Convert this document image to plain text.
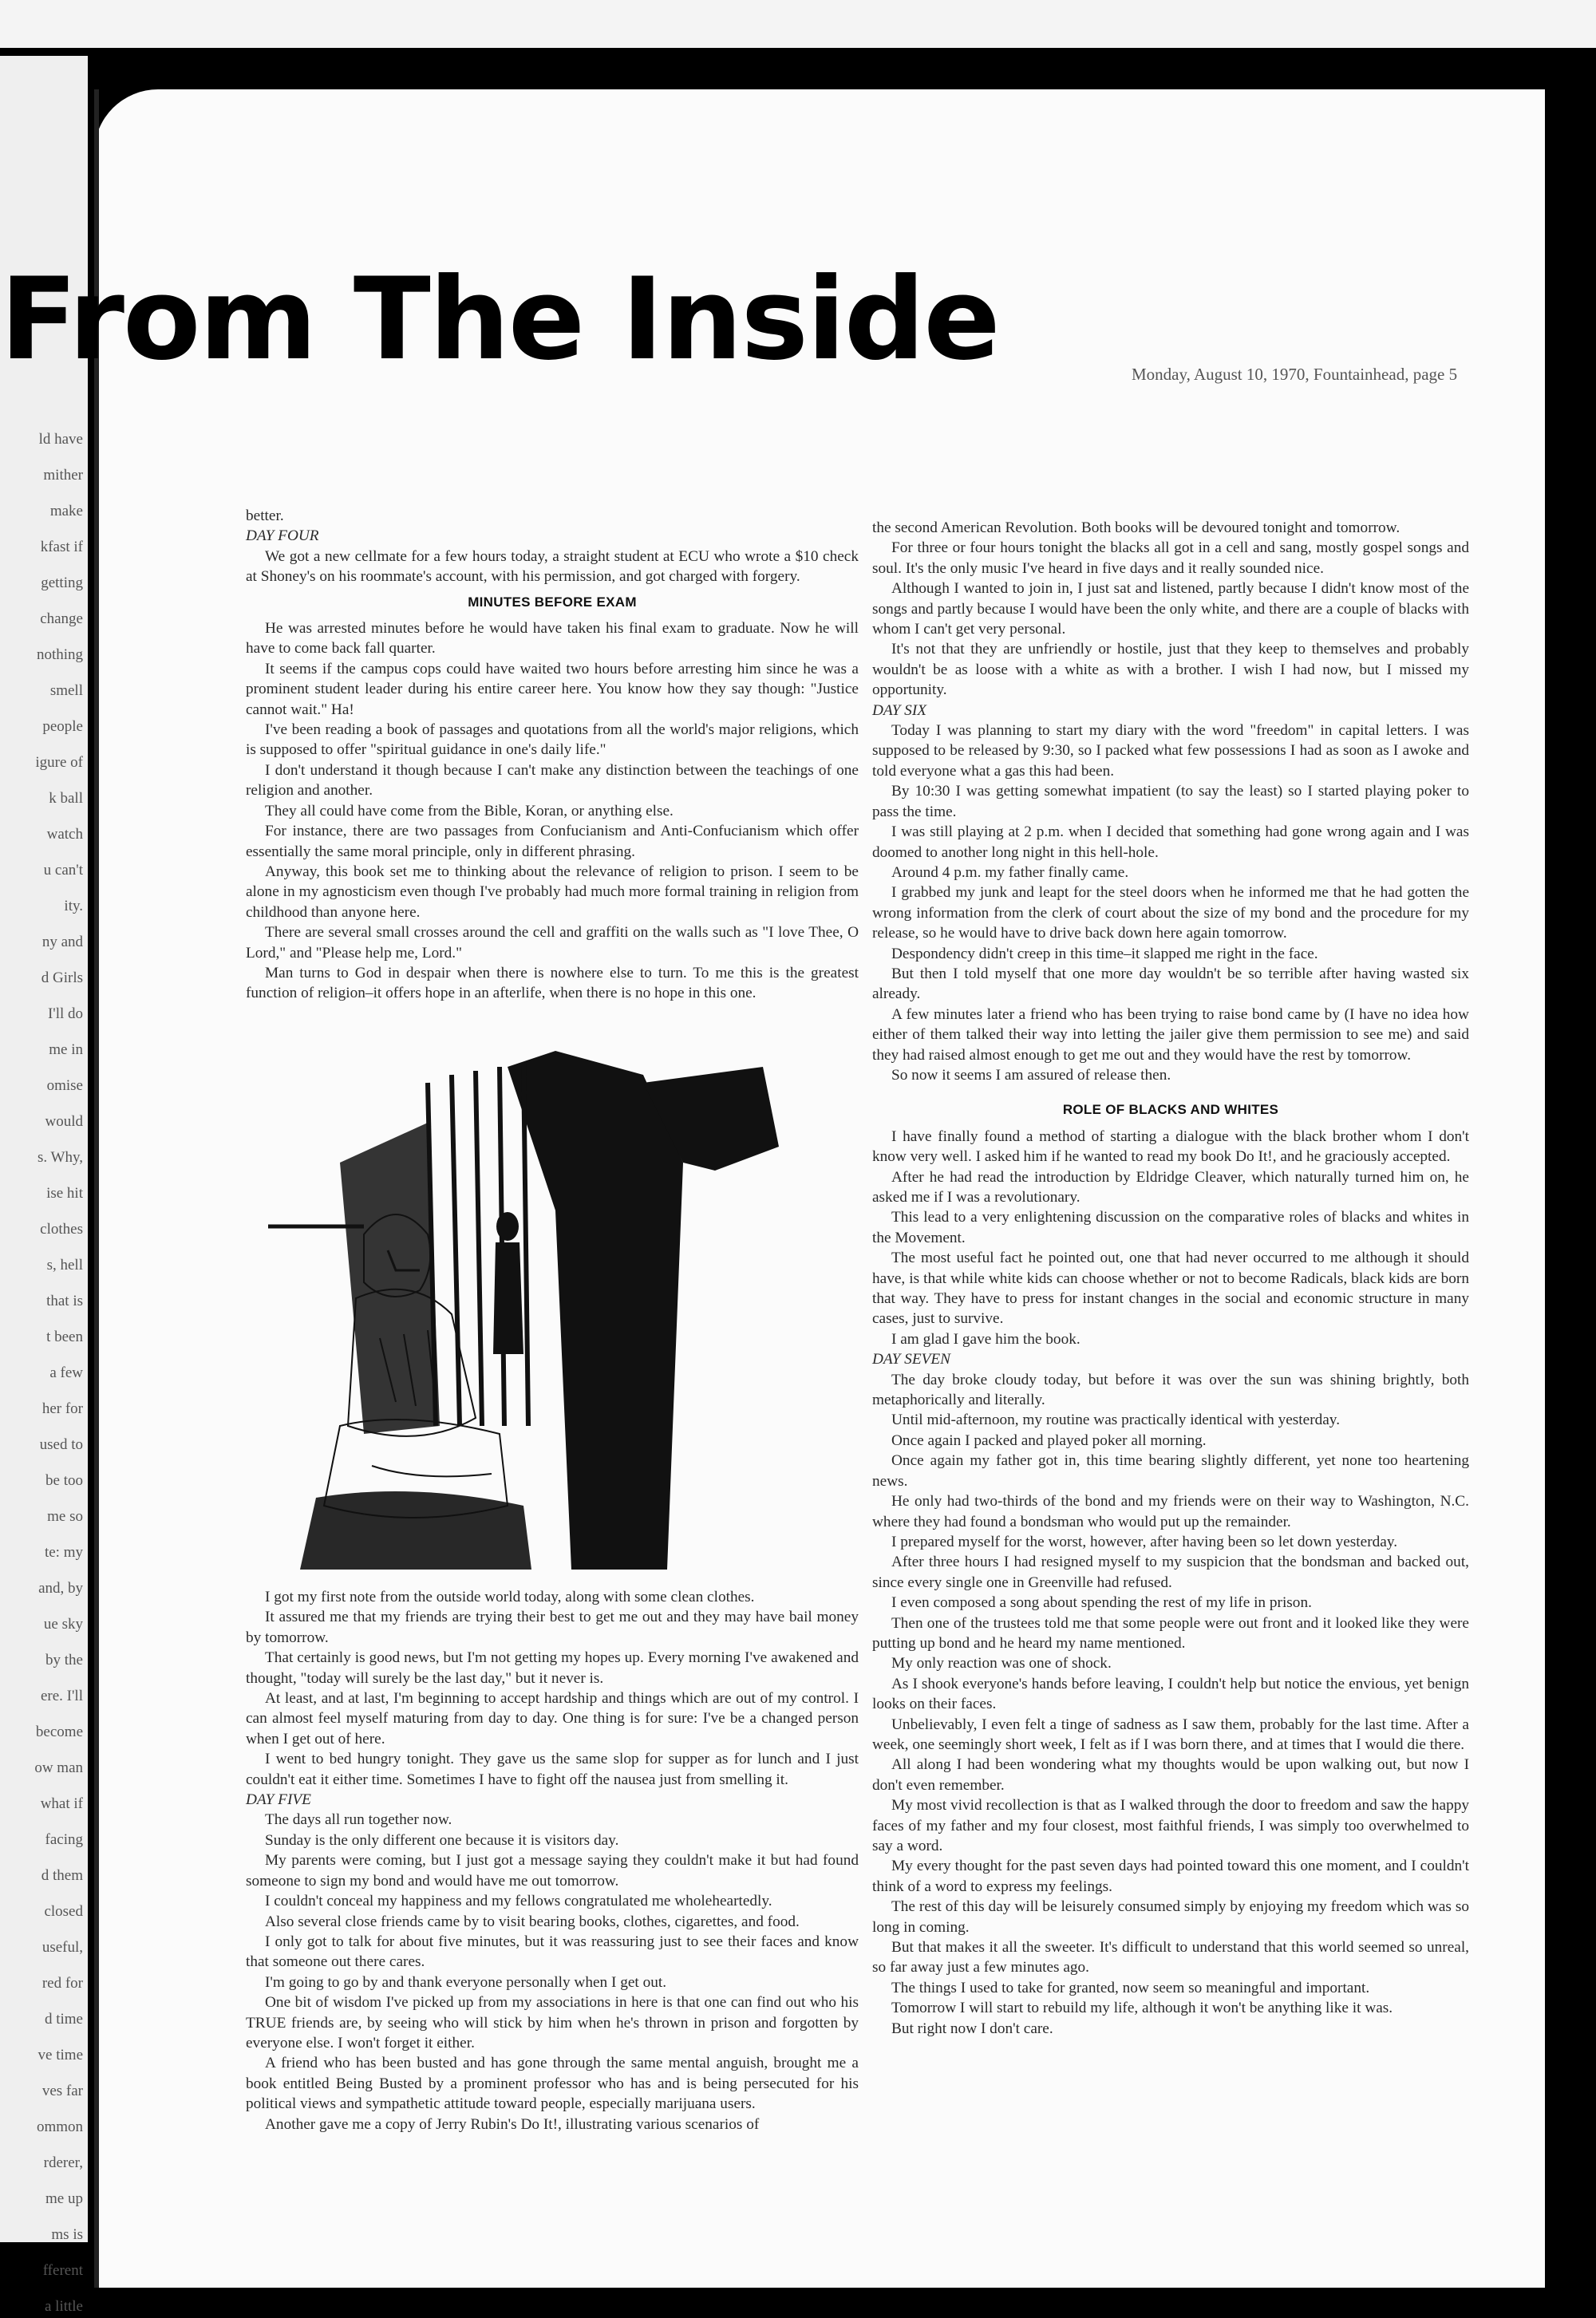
ld have
mither
make
kfast if
getting
change
nothing
smell
people
igure of
k ball
watch
u can't
ity.
ny and
d Girls
I'll do
me in
omise
would
s. Why,
ise hit
clothes
s, hell
that is
t been
a few
her for
used to
be too
me so
te: my
and, by
ue sky
by the
ere. I'll
become
ow man
what if
facing
d them
closed
useful,
red for
d time
ve time
ves far
ommon
rderer,
me up
ms is
fferent
a little
Monday, August 10, 1970, Fountainhead, page 5

better.

DAY FOUR

We got a new cellmate for a few hours today, a straight student at ECU who wrote a $10 check at Shoney's on his roommate's account, with his permission, and got charged with forgery.

MINUTES BEFORE EXAM

He was arrested minutes before he would have taken his final exam to graduate. Now he will have to come back fall quarter.

It seems if the campus cops could have waited two hours before arresting him since he was a prominent student leader during his entire career here. You know how they say though: "Justice cannot wait." Ha!

I've been reading a book of passages and quotations from all the world's major religions, which is supposed to offer "spiritual guidance in one's daily life."

I don't understand it though because I can't make any distinction between the teachings of one religion and another.

They all could have come from the Bible, Koran, or anything else.

For instance, there are two passages from Confucianism and Anti-Confucianism which offer essentially the same moral principle, only in different phrasing.

Anyway, this book set me to thinking about the relevance of religion to prison. I seem to be alone in my agnosticism even though I've probably had much more formal training in religion from childhood than anyone here.

There are several small crosses around the cell and graffiti on the walls such as "I love Thee, O Lord," and "Please help me, Lord."

Man turns to God in despair when there is nowhere else to turn. To me this is the greatest function of religion–it offers hope in an afterlife, when there is no hope in this one.

I got my first note from the outside world today, along with some clean clothes.

It assured me that my friends are trying their best to get me out and they may have bail money by tomorrow.

That certainly is good news, but I'm not getting my hopes up. Every morning I've awakened and thought, "today will surely be the last day," but it never is.

At least, and at last, I'm beginning to accept hardship and things which are out of my control. I can almost feel myself maturing from day to day. One thing is for sure: I've be a changed person when I get out of here.

I went to bed hungry tonight. They gave us the same slop for supper as for lunch and I just couldn't eat it either time. Sometimes I have to fight off the nausea just from smelling it.

DAY FIVE

The days all run together now.

Sunday is the only different one because it is visitors day.

My parents were coming, but I just got a message saying they couldn't make it but had found someone to sign my bond and would have me out tomorrow.

I couldn't conceal my happiness and my fellows congratulated me wholeheartedly.

Also several close friends came by to visit bearing books, clothes, cigarettes, and food.

I only got to talk for about five minutes, but it was reassuring just to see their faces and know that someone out there cares.

I'm going to go by and thank everyone personally when I get out.

One bit of wisdom I've picked up from my associations in here is that one can find out who his TRUE friends are, by seeing who will stick by him when he's thrown in prison and forgotten by everyone else. I won't forget it either.

A friend who has been busted and has gone through the same mental anguish, brought me a book entitled Being Busted by a prominent professor who has and is being persecuted for his political views and sympathetic attitude toward people, especially marijuana users.

Another gave me a copy of Jerry Rubin's Do It!, illustrating various scenarios of

the second American Revolution. Both books will be devoured tonight and tomorrow.

For three or four hours tonight the blacks all got in a cell and sang, mostly gospel songs and soul. It's the only music I've heard in five days and it really sounded nice.

Although I wanted to join in, I just sat and listened, partly because I didn't know most of the songs and partly because I would have been the only white, and there are a couple of blacks with whom I can't get very personal.

It's not that they are unfriendly or hostile, just that they keep to themselves and probably wouldn't be as loose with a white as with a brother. I wish I had now, but I missed my opportunity.

DAY SIX

Today I was planning to start my diary with the word "freedom" in capital letters. I was supposed to be released by 9:30, so I packed what few possessions I had as soon as I awoke and told everyone what a gas this had been.

By 10:30 I was getting somewhat impatient (to say the least) so I started playing poker to pass the time.

I was still playing at 2 p.m. when I decided that something had gone wrong again and I was doomed to another long night in this hell-hole.

Around 4 p.m. my father finally came.

I grabbed my junk and leapt for the steel doors when he informed me that he had gotten the wrong information from the clerk of court about the size of my bond and the procedure for my release, so he would have to drive back down here again tomorrow.

Despondency didn't creep in this time–it slapped me right in the face.

But then I told myself that one more day wouldn't be so terrible after having wasted six already.

A few minutes later a friend who has been trying to raise bond came by (I have no idea how either of them talked their way into letting the jailer give them permission to see me) and said they had raised almost enough to get me out and they would have the rest by tomorrow.

So now it seems I am assured of release then.

ROLE OF BLACKS AND WHITES

I have finally found a method of starting a dialogue with the black brother whom I don't know very well. I asked him if he wanted to read my book Do It!, and he graciously accepted.

After he had read the introduction by Eldridge Cleaver, which naturally turned him on, he asked me if I was a revolutionary.

This lead to a very enlightening discussion on the comparative roles of blacks and whites in the Movement.

The most useful fact he pointed out, one that had never occurred to me although it should have, is that while white kids can choose whether or not to become Radicals, black kids are born that way. They have to press for instant changes in the social and economic structure in many cases, just to survive.

I am glad I gave him the book.

DAY SEVEN

The day broke cloudy today, but before it was over the sun was shining brightly, both metaphorically and literally.

Until mid-afternoon, my routine was practically identical with yesterday.

Once again I packed and played poker all morning.

Once again my father got in, this time bearing slightly different, yet none too heartening news.

He only had two-thirds of the bond and my friends were on their way to Washington, N.C. where they had found a bondsman who would put up the remainder.

I prepared myself for the worst, however, after having been so let down yesterday.

After three hours I had resigned myself to my suspicion that the bondsman and backed out, since every single one in Greenville had refused.

I even composed a song about spending the rest of my life in prison.

Then one of the trustees told me that some people were out front and it looked like they were putting up bond and he heard my name mentioned.

My only reaction was one of shock.

As I shook everyone's hands before leaving, I couldn't help but notice the envious, yet benign looks on their faces.

Unbelievably, I even felt a tinge of sadness as I saw them, probably for the last time. After a week, one seemingly short week, I felt as if I was born there, and at times that I would die there.

All along I had been wondering what my thoughts would be upon walking out, but now I don't even remember.

My most vivid recollection is that as I walked through the door to freedom and saw the happy faces of my father and my four closest, most faithful friends, I was simply too overwhelmed to say a word.

My every thought for the past seven days had pointed toward this one moment, and I couldn't think of a word to express my feelings.

The rest of this day will be leisurely consumed simply by enjoying my freedom which was so long in coming.

But that makes it all the sweeter. It's difficult to understand that this world seemed so unreal, so far away just a few minutes ago.

The things I used to take for granted, now seem so meaningful and important.

Tomorrow I will start to rebuild my life, although it won't be anything like it was.

But right now I don't care.

From The Inside
